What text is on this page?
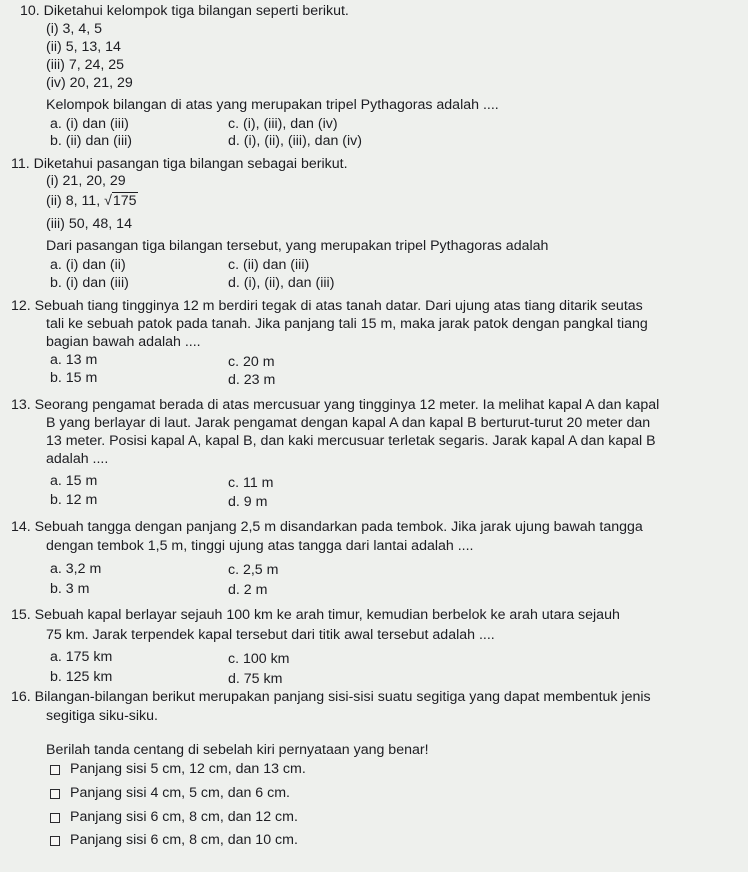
10. Diketahui kelompok tiga bilangan seperti berikut.
(i) 3, 4, 5
(ii) 5, 13, 14
(iii) 7, 24, 25
(iv) 20, 21, 29
Kelompok bilangan di atas yang merupakan tripel Pythagoras adalah ....
a. (i) dan (iii)	c. (i), (iii), dan (iv)
b. (ii) dan (iii)	d. (i), (ii), (iii), dan (iv)
11. Diketahui pasangan tiga bilangan sebagai berikut.
(i) 21, 20, 29
(ii) 8, 11, √175
(iii) 50, 48, 14
Dari pasangan tiga bilangan tersebut, yang merupakan tripel Pythagoras adalah
a. (i) dan (ii)	c. (ii) dan (iii)
b. (i) dan (iii)	d. (i), (ii), dan (iii)
12. Sebuah tiang tingginya 12 m berdiri tegak di atas tanah datar. Dari ujung atas tiang ditarik seutas
tali ke sebuah patok pada tanah. Jika panjang tali 15 m, maka jarak patok dengan pangkal tiang
bagian bawah adalah ....
a. 13 m	c. 20 m
b. 15 m	d. 23 m
13. Seorang pengamat berada di atas mercusuar yang tingginya 12 meter. Ia melihat kapal A dan kapal
B yang berlayar di laut. Jarak pengamat dengan kapal A dan kapal B berturut-turut 20 meter dan
13 meter. Posisi kapal A, kapal B, dan kaki mercusuar terletak segaris. Jarak kapal A dan kapal B
adalah ....
a. 15 m	c. 11 m
b. 12 m	d. 9 m
14. Sebuah tangga dengan panjang 2,5 m disandarkan pada tembok. Jika jarak ujung bawah tangga
dengan tembok 1,5 m, tinggi ujung atas tangga dari lantai adalah ....
a. 3,2 m	c. 2,5 m
b. 3 m	d. 2 m
15. Sebuah kapal berlayar sejauh 100 km ke arah timur, kemudian berbelok ke arah utara sejauh
75 km. Jarak terpendek kapal tersebut dari titik awal tersebut adalah ....
a. 175 km	c. 100 km
b. 125 km	d. 75 km
16. Bilangan-bilangan berikut merupakan panjang sisi-sisi suatu segitiga yang dapat membentuk jenis
segitiga siku-siku.
Berilah tanda centang di sebelah kiri pernyataan yang benar!
Panjang sisi 5 cm, 12 cm, dan 13 cm.
Panjang sisi 4 cm, 5 cm, dan 6 cm.
Panjang sisi 6 cm, 8 cm, dan 12 cm.
Panjang sisi 6 cm, 8 cm, dan 10 cm.
